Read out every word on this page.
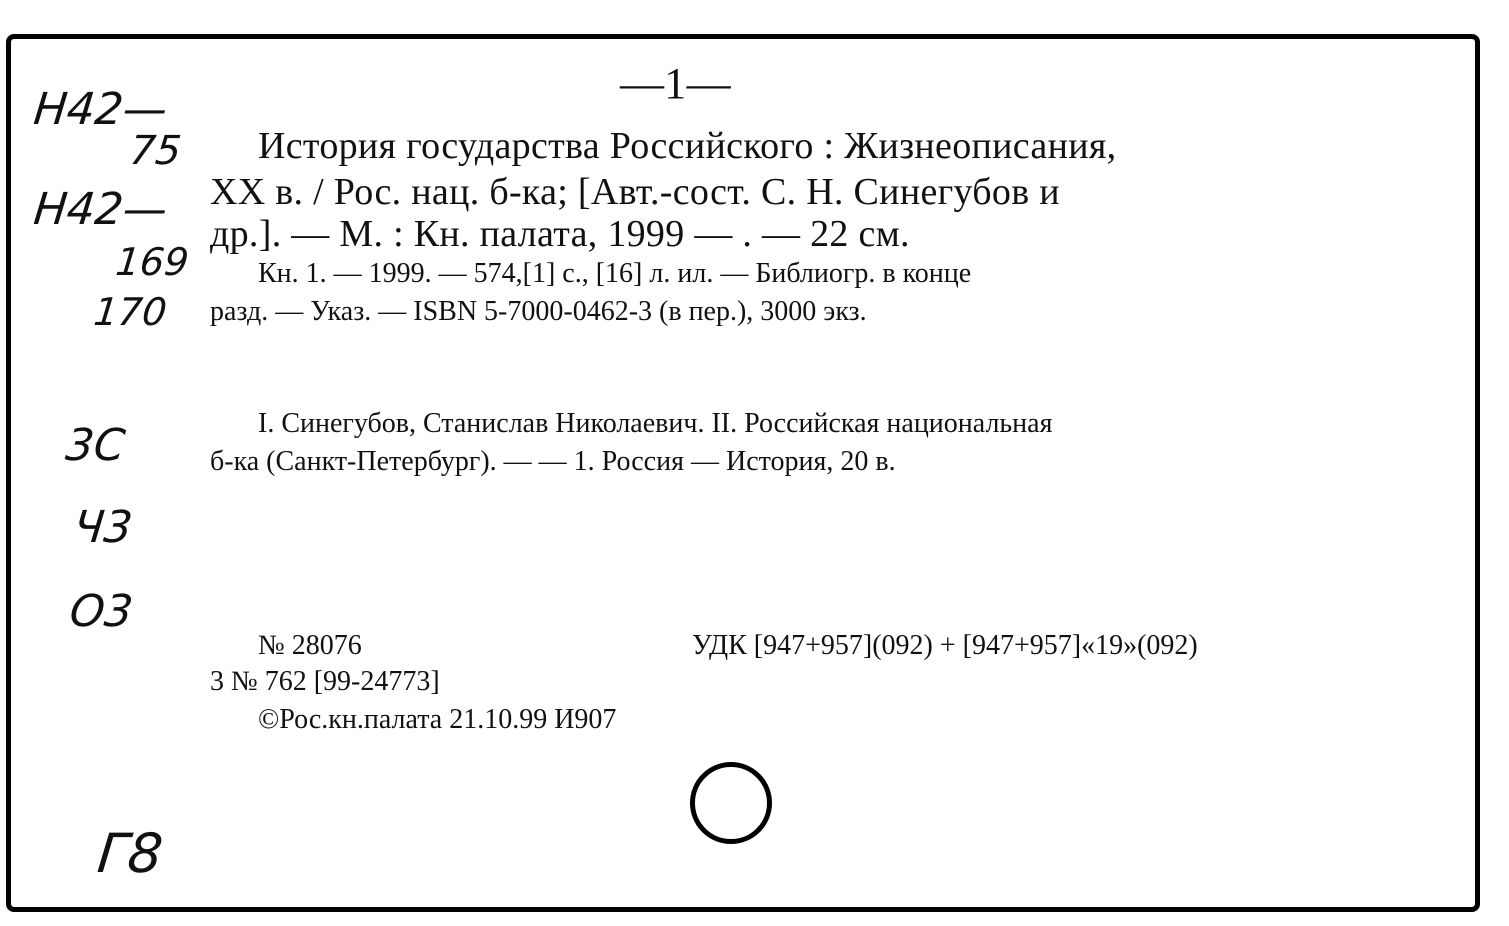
—1—
Н42—
75
Н42—
169
170
3С
Ч3
О3
Г8
История государства Российского : Жизнеописания,
XX в. / Рос. нац. б-ка; [Авт.-сост. С. Н. Синегубов и
др.]. — М. : Кн. палата, 1999 — . — 22 см.
Кн. 1. — 1999. — 574,[1] с., [16] л. ил. — Библиогр. в конце
разд. — Указ. — ISBN 5-7000-0462-3 (в пер.), 3000 экз.
I. Синегубов, Станислав Николаевич. II. Российская национальная
б-ка (Санкт-Петербург). — — 1. Россия — История, 20 в.
№ 28076	УДК [947+957](092) + [947+957]«19»(092)
3 № 762 [99-24773]
©Рос.кн.палата 21.10.99 И907
